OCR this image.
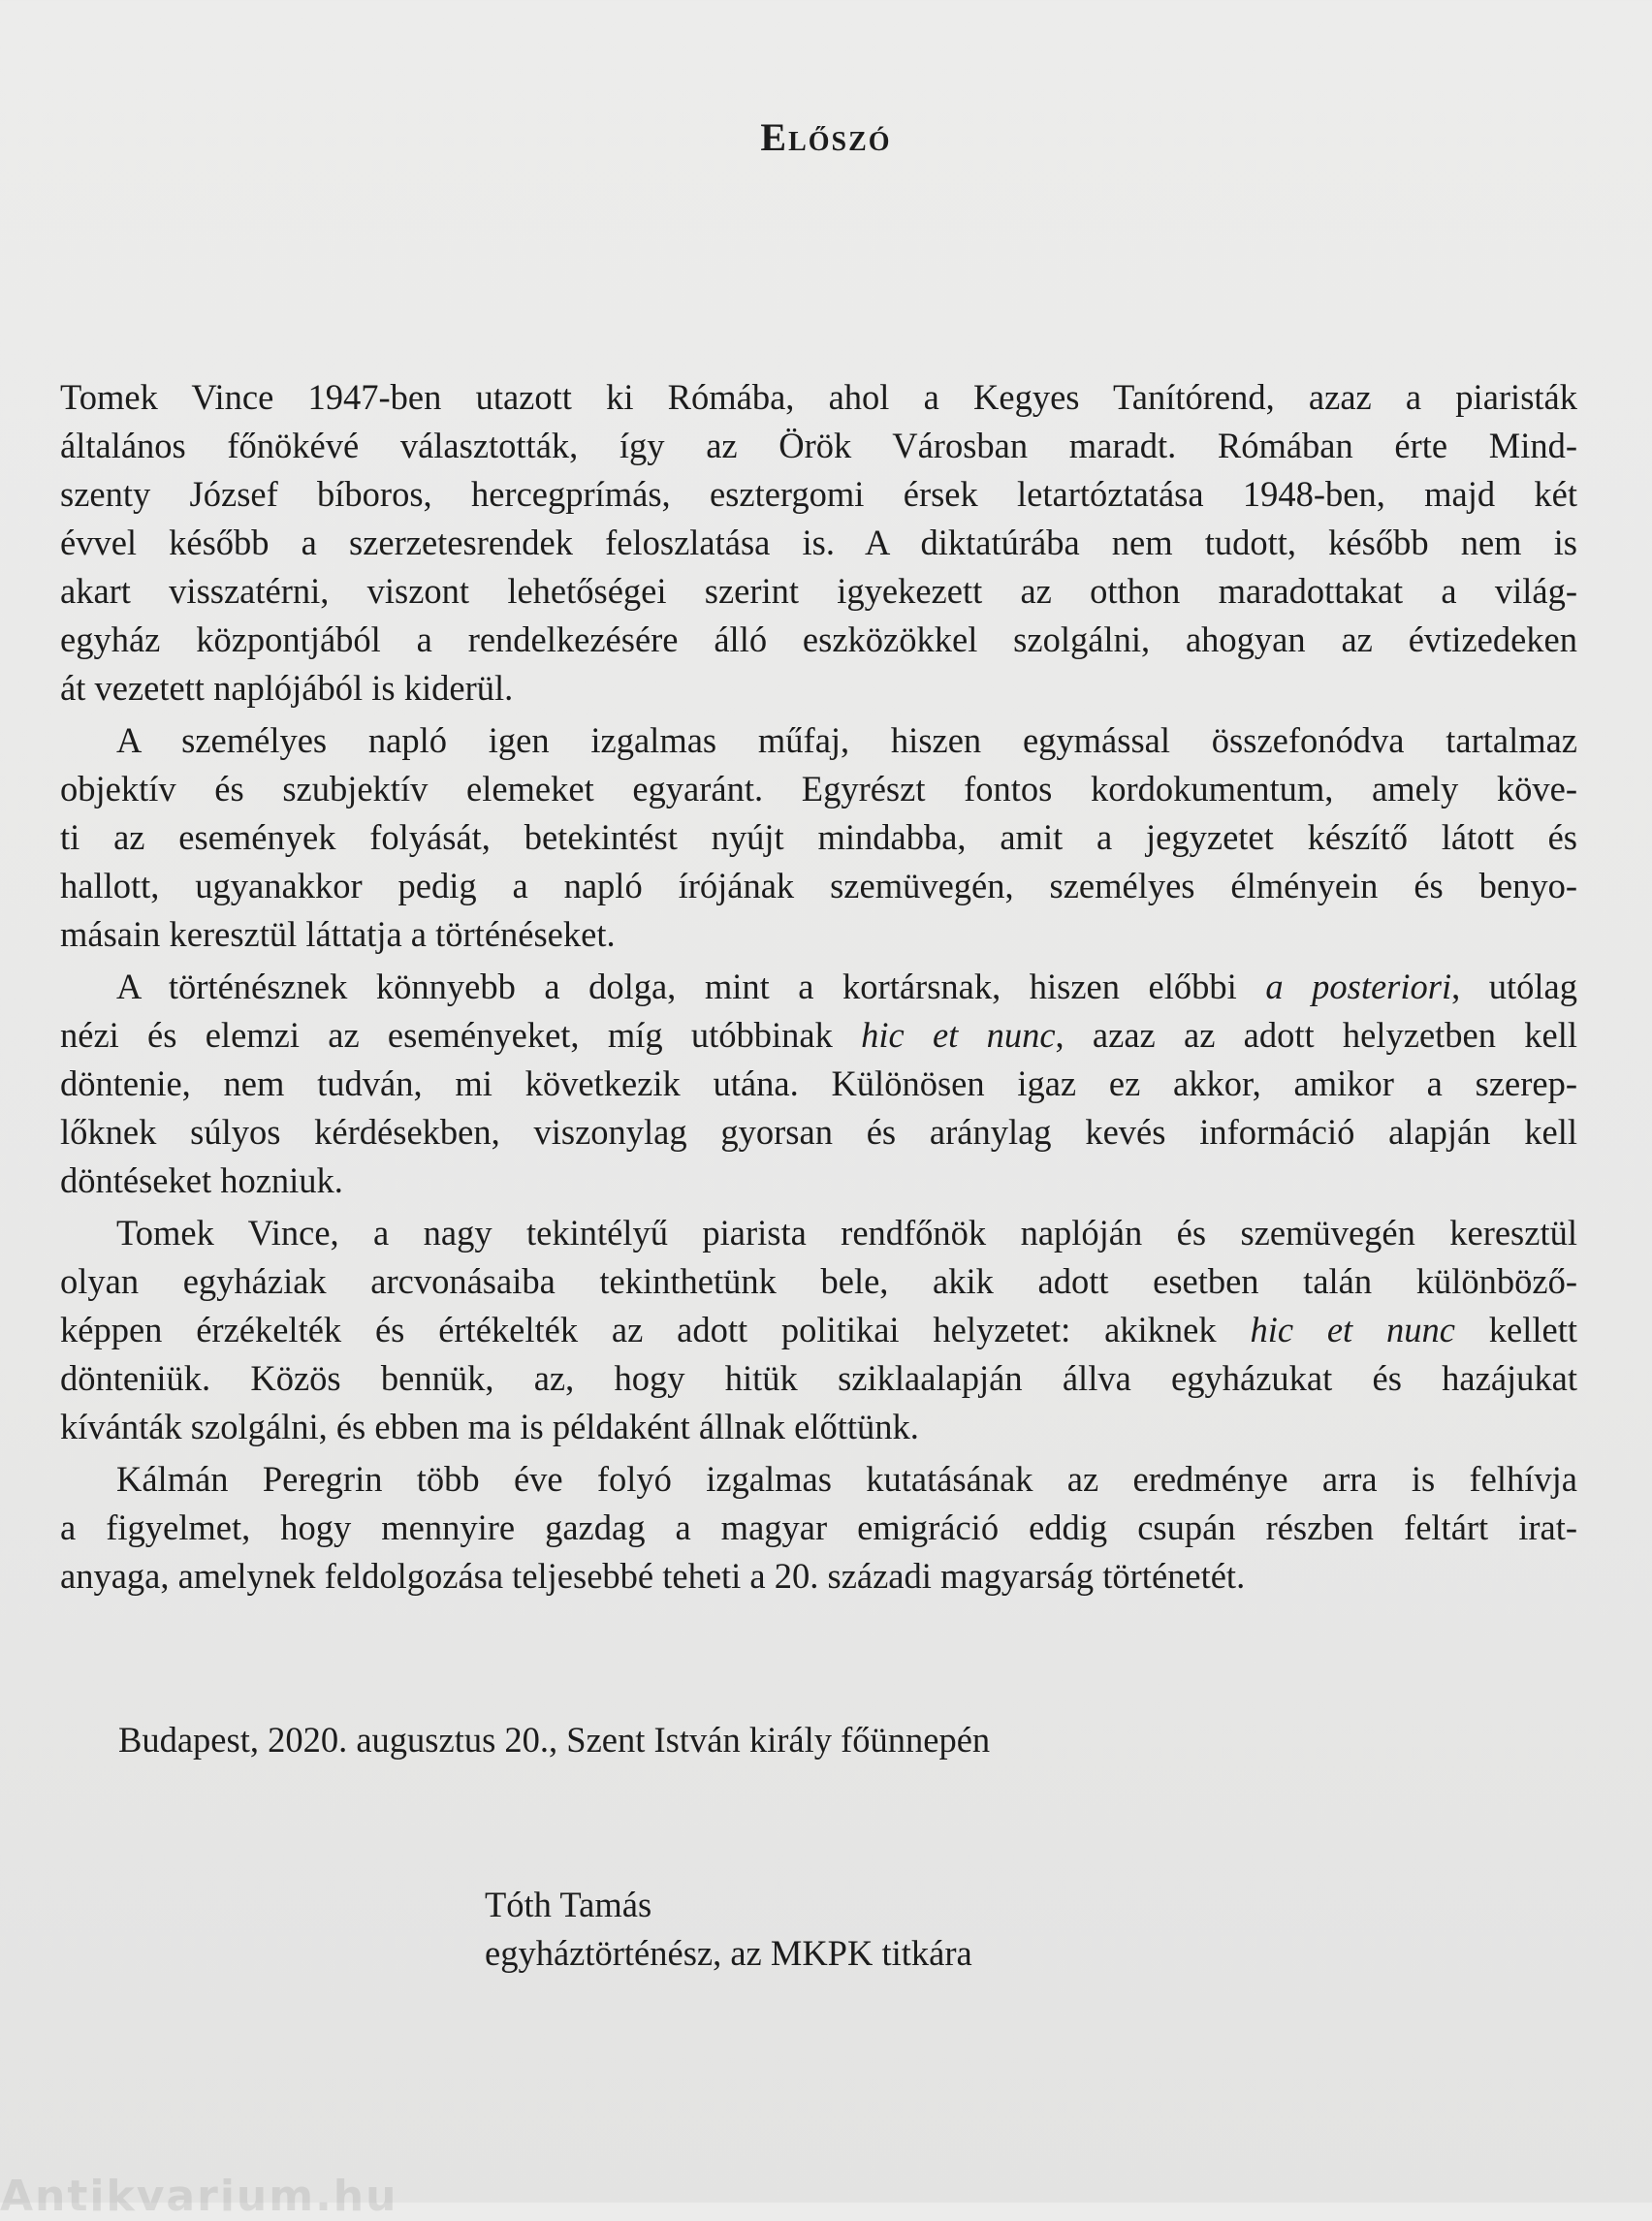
Előszó

Tomek Vince 1947-ben utazott ki Rómába, ahol a Kegyes Tanítórend, azaz a piaristák
általános főnökévé választották, így az Örök Városban maradt. Rómában érte Mind-
szenty József bíboros, hercegprímás, esztergomi érsek letartóztatása 1948-ben, majd két
évvel később a szerzetesrendek feloszlatása is. A diktatúrába nem tudott, később nem is
akart visszatérni, viszont lehetőségei szerint igyekezett az otthon maradottakat a világ-
egyház központjából a rendelkezésére álló eszközökkel szolgálni, ahogyan az évtizedeken
át vezetett naplójából is kiderül.

A személyes napló igen izgalmas műfaj, hiszen egymással összefonódva tartalmaz
objektív és szubjektív elemeket egyaránt. Egyrészt fontos kordokumentum, amely köve-
ti az események folyását, betekintést nyújt mindabba, amit a jegyzetet készítő látott és
hallott, ugyanakkor pedig a napló írójának szemüvegén, személyes élményein és benyo-
másain keresztül láttatja a történéseket.

A történésznek könnyebb a dolga, mint a kortársnak, hiszen előbbi a posteriori, utólag
nézi és elemzi az eseményeket, míg utóbbinak hic et nunc, azaz az adott helyzetben kell
döntenie, nem tudván, mi következik utána. Különösen igaz ez akkor, amikor a szerep-
lőknek súlyos kérdésekben, viszonylag gyorsan és aránylag kevés információ alapján kell
döntéseket hozniuk.

Tomek Vince, a nagy tekintélyű piarista rendfőnök naplóján és szemüvegén keresztül
olyan egyháziak arcvonásaiba tekinthetünk bele, akik adott esetben talán különböző-
képpen érzékelték és értékelték az adott politikai helyzetet: akiknek hic et nunc kellett
dönteniük. Közös bennük, az, hogy hitük sziklaalapján állva egyházukat és hazájukat
kívánták szolgálni, és ebben ma is példaként állnak előttünk.

Kálmán Peregrin több éve folyó izgalmas kutatásának az eredménye arra is felhívja
a figyelmet, hogy mennyire gazdag a magyar emigráció eddig csupán részben feltárt irat-
anyaga, amelynek feldolgozása teljesebbé teheti a 20. századi magyarság történetét.

Budapest, 2020. augusztus 20., Szent István király főünnepén
Tóth Tamás
egyháztörténész, az MKPK titkára
Antikvarium.hu
